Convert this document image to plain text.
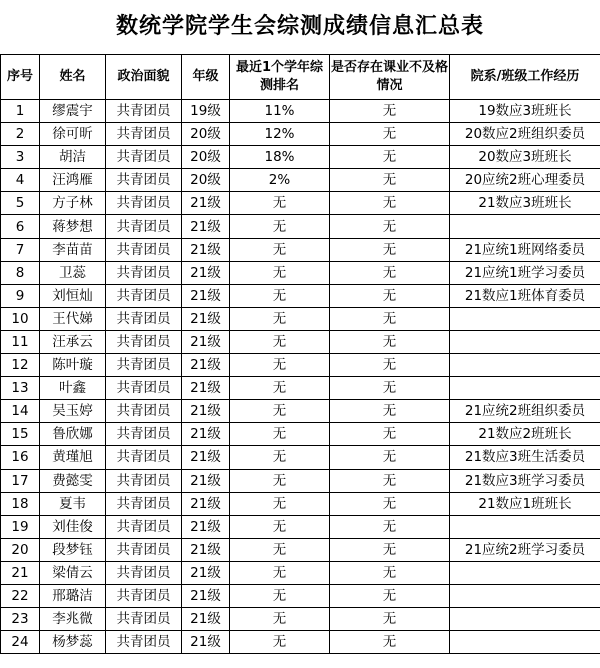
数统学院学生会综测成绩信息汇总表
序号	姓名	政治面貌	年级	最近1个学年综测排名	是否存在课业不及格情况	院系/班级工作经历
1	缪震宇	共青团员	19级	11%	无	19数应3班班长
2	徐可昕	共青团员	20级	12%	无	20数应2班组织委员
3	胡洁	共青团员	20级	18%	无	20数应3班班长
4	汪鸿雁	共青团员	20级	2%	无	20应统2班心理委员
5	方子林	共青团员	21级	无	无	21数应3班班长
6	蒋梦想	共青团员	21级	无	无	
7	李苗苗	共青团员	21级	无	无	21应统1班网络委员
8	卫蕊	共青团员	21级	无	无	21应统1班学习委员
9	刘恒灿	共青团员	21级	无	无	21数应1班体育委员
10	王代娣	共青团员	21级	无	无	
11	汪承云	共青团员	21级	无	无	
12	陈叶璇	共青团员	21级	无	无	
13	叶鑫	共青团员	21级	无	无	
14	吴玉婷	共青团员	21级	无	无	21应统2班组织委员
15	鲁欣娜	共青团员	21级	无	无	21数应2班班长
16	黄瑾旭	共青团员	21级	无	无	21数应3班生活委员
17	费懿雯	共青团员	21级	无	无	21数应3班学习委员
18	夏韦	共青团员	21级	无	无	21数应1班班长
19	刘佳俊	共青团员	21级	无	无	
20	段梦钰	共青团员	21级	无	无	21应统2班学习委员
21	梁倩云	共青团员	21级	无	无	
22	邢璐洁	共青团员	21级	无	无	
23	李兆微	共青团员	21级	无	无	
24	杨梦蕊	共青团员	21级	无	无	
